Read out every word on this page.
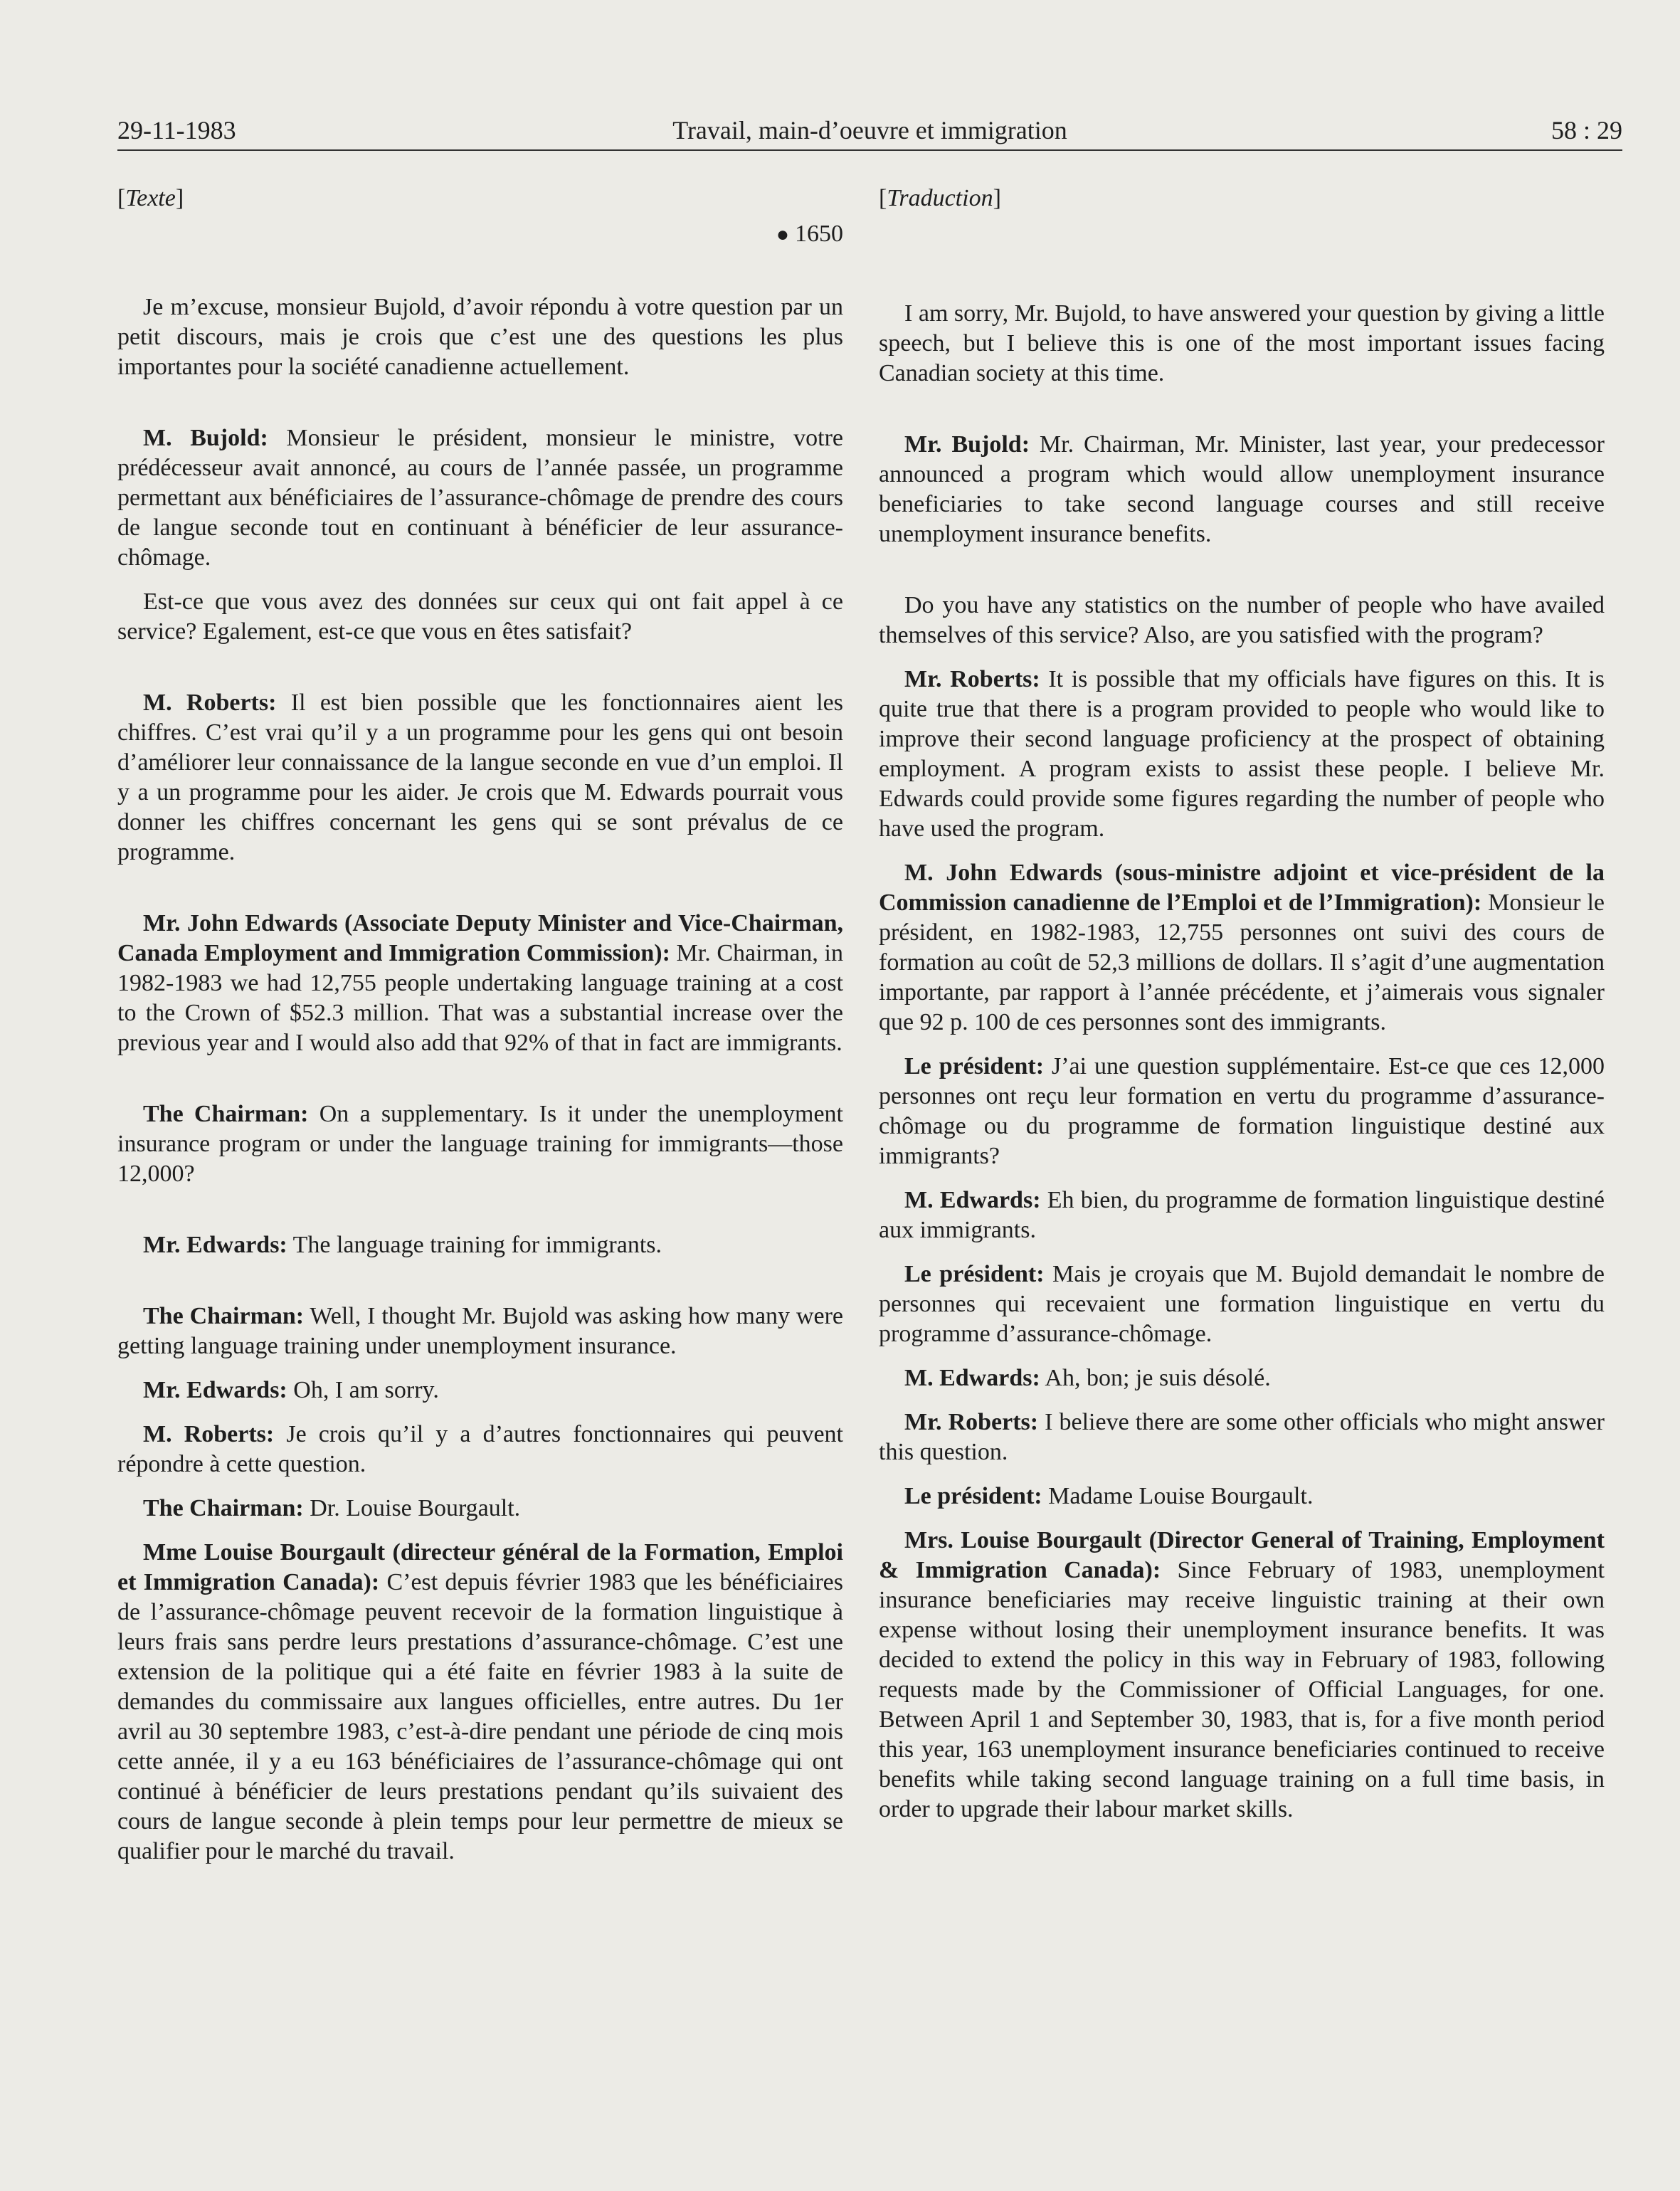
29-11-1983	Travail, main-d’oeuvre et immigration	58 : 29
[Texte]
● 1650

Je m’excuse, monsieur Bujold, d’avoir répondu à votre question par un petit discours, mais je crois que c’est une des questions les plus importantes pour la société canadienne actuellement.

M. Bujold: Monsieur le président, monsieur le ministre, votre prédécesseur avait annoncé, au cours de l’année passée, un programme permettant aux bénéficiaires de l’assurance-chômage de prendre des cours de langue seconde tout en continuant à bénéficier de leur assurance-chômage.

Est-ce que vous avez des données sur ceux qui ont fait appel à ce service? Egalement, est-ce que vous en êtes satisfait?

M. Roberts: Il est bien possible que les fonctionnaires aient les chiffres. C’est vrai qu’il y a un programme pour les gens qui ont besoin d’améliorer leur connaissance de la langue seconde en vue d’un emploi. Il y a un programme pour les aider. Je crois que M. Edwards pourrait vous donner les chiffres concernant les gens qui se sont prévalus de ce programme.

Mr. John Edwards (Associate Deputy Minister and Vice-Chairman, Canada Employment and Immigration Commission): Mr. Chairman, in 1982-1983 we had 12,755 people undertaking language training at a cost to the Crown of $52.3 million. That was a substantial increase over the previous year and I would also add that 92% of that in fact are immigrants.

The Chairman: On a supplementary. Is it under the unemployment insurance program or under the language training for immigrants—those 12,000?

Mr. Edwards: The language training for immigrants.

The Chairman: Well, I thought Mr. Bujold was asking how many were getting language training under unemployment insurance.

Mr. Edwards: Oh, I am sorry.

M. Roberts: Je crois qu’il y a d’autres fonctionnaires qui peuvent répondre à cette question.

The Chairman: Dr. Louise Bourgault.

Mme Louise Bourgault (directeur général de la Formation, Emploi et Immigration Canada): C’est depuis février 1983 que les bénéficiaires de l’assurance-chômage peuvent recevoir de la formation linguistique à leurs frais sans perdre leurs prestations d’assurance-chômage. C’est une extension de la politique qui a été faite en février 1983 à la suite de demandes du commissaire aux langues officielles, entre autres. Du 1er avril au 30 septembre 1983, c’est-à-dire pendant une période de cinq mois cette année, il y a eu 163 bénéficiaires de l’assurance-chômage qui ont continué à bénéficier de leurs prestations pendant qu’ils suivaient des cours de langue seconde à plein temps pour leur permettre de mieux se qualifier pour le marché du travail.

[Traduction]

I am sorry, Mr. Bujold, to have answered your question by giving a little speech, but I believe this is one of the most important issues facing Canadian society at this time.

Mr. Bujold: Mr. Chairman, Mr. Minister, last year, your predecessor announced a program which would allow unemployment insurance beneficiaries to take second language courses and still receive unemployment insurance benefits.

Do you have any statistics on the number of people who have availed themselves of this service? Also, are you satisfied with the program?

Mr. Roberts: It is possible that my officials have figures on this. It is quite true that there is a program provided to people who would like to improve their second language proficiency at the prospect of obtaining employment. A program exists to assist these people. I believe Mr. Edwards could provide some figures regarding the number of people who have used the program.

M. John Edwards (sous-ministre adjoint et vice-président de la Commission canadienne de l’Emploi et de l’Immigration): Monsieur le président, en 1982-1983, 12,755 personnes ont suivi des cours de formation au coût de 52,3 millions de dollars. Il s’agit d’une augmentation importante, par rapport à l’année précédente, et j’aimerais vous signaler que 92 p. 100 de ces personnes sont des immigrants.

Le président: J’ai une question supplémentaire. Est-ce que ces 12,000 personnes ont reçu leur formation en vertu du programme d’assurance-chômage ou du programme de formation linguistique destiné aux immigrants?

M. Edwards: Eh bien, du programme de formation linguistique destiné aux immigrants.

Le président: Mais je croyais que M. Bujold demandait le nombre de personnes qui recevaient une formation linguistique en vertu du programme d’assurance-chômage.

M. Edwards: Ah, bon; je suis désolé.

Mr. Roberts: I believe there are some other officials who might answer this question.

Le président: Madame Louise Bourgault.

Mrs. Louise Bourgault (Director General of Training, Employment & Immigration Canada): Since February of 1983, unemployment insurance beneficiaries may receive linguistic training at their own expense without losing their unemployment insurance benefits. It was decided to extend the policy in this way in February of 1983, following requests made by the Commissioner of Official Languages, for one. Between April 1 and September 30, 1983, that is, for a five month period this year, 163 unemployment insurance beneficiaries continued to receive benefits while taking second language training on a full time basis, in order to upgrade their labour market skills.
